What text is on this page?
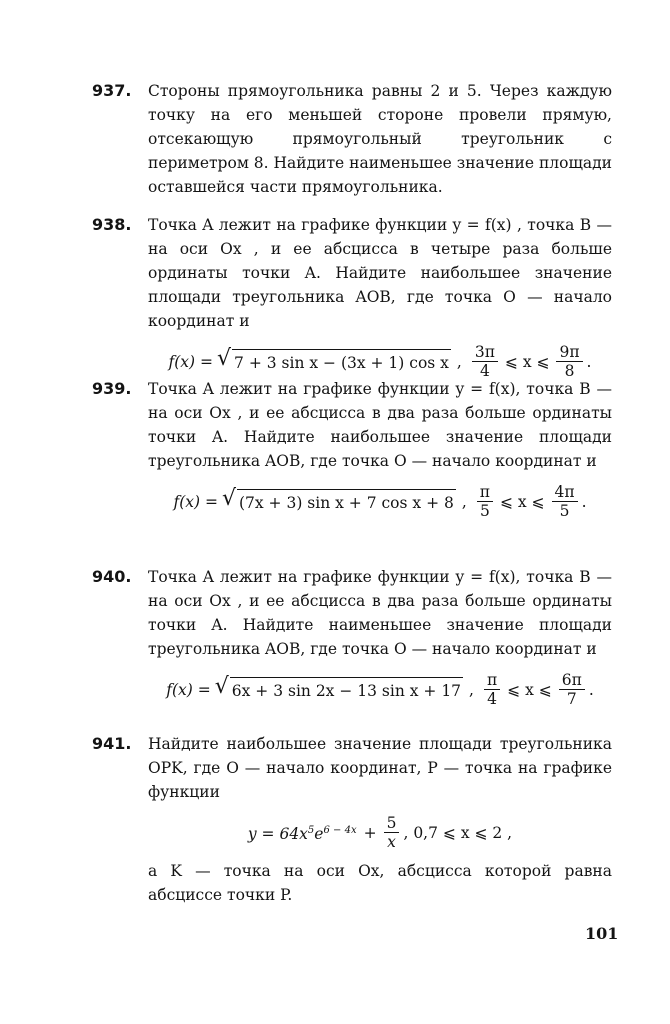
937. Стороны прямоугольника равны 2 и 5. Через каждую точку на его меньшей стороне провели прямую, отсекающую прямоугольный треугольник с периметром 8. Найдите наименьшее значение площади оставшейся части прямоугольника.

938. Точка A лежит на графике функции y = f(x) , точка B — на оси Ox , и ее абсцисса в четыре раза больше ординаты точки A. Найдите наибольшее значение площади треугольника AOB, где точка O — начало координат и

f(x) = √ 7 + 3 sin x − (3x + 1) cos x , $\frac{3\pi}{4}$ ⩽ x ⩽ $\frac{9\pi}{8}$ .
939. Точка A лежит на графике функции y = f(x), точка B — на оси Ox , и ее абсцисса в два раза больше ординаты точки A. Найдите наибольшее значение площади треугольника AOB, где точка O — начало координат и

f(x) = √ (7x + 3) sin x + 7 cos x + 8 , $\frac{\pi}{5}$ ⩽ x ⩽ $\frac{4\pi}{5}$ .
940. Точка A лежит на графике функции y = f(x), точка B — на оси Ox , и ее абсцисса в два раза больше ординаты точки A. Найдите наименьшее значение площади треугольника AOB, где точка O — начало координат и

f(x) = √ 6x + 3 sin 2x − 13 sin x + 17 , $\frac{\pi}{4}$ ⩽ x ⩽ $\frac{6\pi}{7}$ .
941. Найдите наибольшее значение площади треугольника OPK, где O — начало координат, P — точка на графике функции

$y = 64x^5e^{6 - 4x} + \frac{5}{x}$ , 0,7 ⩽ x ⩽ 2 ,

а K — точка на оси Ox, абсцисса которой равна абсциссе точки P.

101
